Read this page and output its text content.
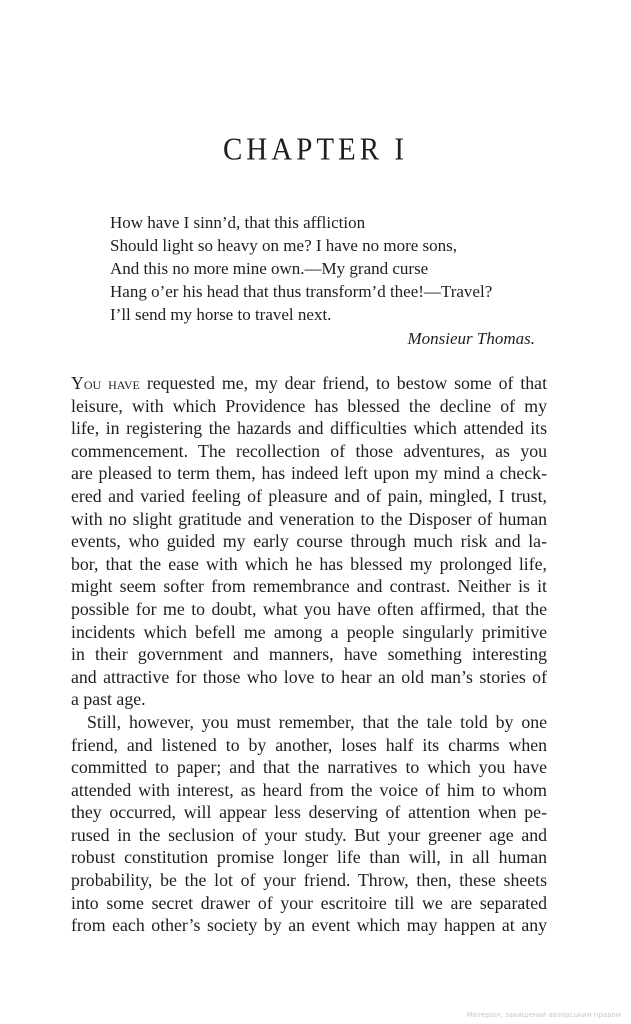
CHAPTER I
How have I sinn’d, that this affliction
Should light so heavy on me? I have no more sons,
And this no more mine own.—My grand curse
Hang o’er his head that thus transform’d thee!—Travel?
I’ll send my horse to travel next.
Monsieur Thomas.
You have requested me, my dear friend, to bestow some of that
leisure, with which Providence has blessed the decline of my
life, in registering the hazards and difficulties which attended its
commencement. The recollection of those adventures, as you
are pleased to term them, has indeed left upon my mind a check-
ered and varied feeling of pleasure and of pain, mingled, I trust,
with no slight gratitude and veneration to the Disposer of human
events, who guided my early course through much risk and la-
bor, that the ease with which he has blessed my prolonged life,
might seem softer from remembrance and contrast. Neither is it
possible for me to doubt, what you have often affirmed, that the
incidents which befell me among a people singularly primitive
in their government and manners, have something interesting
and attractive for those who love to hear an old man’s stories of
a past age.
Still, however, you must remember, that the tale told by one
friend, and listened to by another, loses half its charms when
committed to paper; and that the narratives to which you have
attended with interest, as heard from the voice of him to whom
they occurred, will appear less deserving of attention when pe-
rused in the seclusion of your study. But your greener age and
robust constitution promise longer life than will, in all human
probability, be the lot of your friend. Throw, then, these sheets
into some secret drawer of your escritoire till we are separated
from each other’s society by an event which may happen at any
Матеріал, захищений авторським правом
